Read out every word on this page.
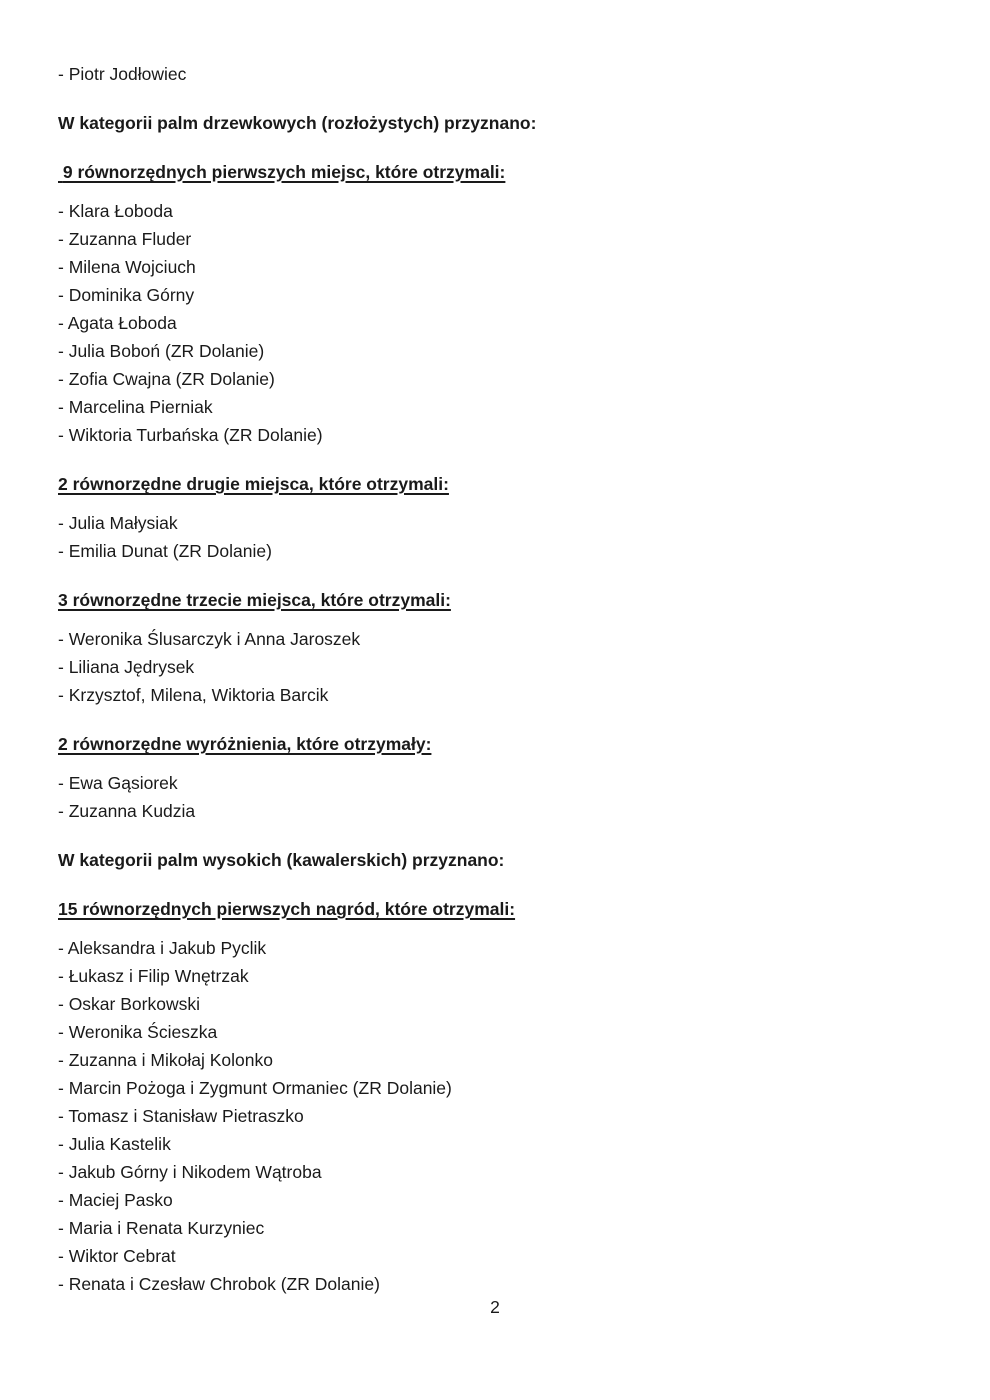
- Piotr Jodłowiec

W kategorii palm drzewkowych (rozłożystych) przyznano:

9 równorzędnych pierwszych miejsc, które otrzymali:

- Klara Łoboda
- Zuzanna Fluder
- Milena Wojciuch
- Dominika Górny
- Agata Łoboda
- Julia Boboń (ZR Dolanie)
- Zofia Cwajna (ZR Dolanie)
- Marcelina Pierniak
- Wiktoria Turbańska (ZR Dolanie)

2 równorzędne drugie miejsca, które otrzymali:

- Julia Małysiak
- Emilia Dunat (ZR Dolanie)

3 równorzędne trzecie miejsca, które otrzymali:

- Weronika Ślusarczyk i Anna Jaroszek
- Liliana Jędrysek
- Krzysztof, Milena, Wiktoria Barcik

2 równorzędne wyróżnienia, które otrzymały:

- Ewa Gąsiorek
- Zuzanna Kudzia

W kategorii palm wysokich (kawalerskich) przyznano:

15 równorzędnych pierwszych nagród, które otrzymali:

- Aleksandra i Jakub Pyclik
- Łukasz i Filip Wnętrzak
- Oskar Borkowski
- Weronika Ścieszka
- Zuzanna i Mikołaj Kolonko
- Marcin Pożoga i Zygmunt Ormaniec (ZR Dolanie)
- Tomasz i Stanisław Pietraszko
- Julia Kastelik
- Jakub Górny i Nikodem Wątroba
- Maciej Pasko
- Maria i Renata Kurzyniec
- Wiktor Cebrat
- Renata i Czesław Chrobok (ZR Dolanie)
2
